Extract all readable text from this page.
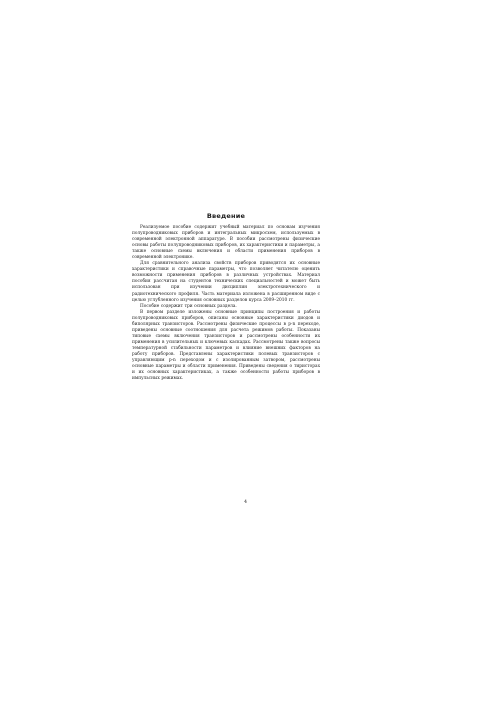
Введение

Реализуемое пособие содержит учебный материал по основам изучения полупроводниковых приборов и интегральных микросхем, используемых в современной электронной аппаратуре. В пособии рассмотрены физические основы работы полупроводниковых приборов, их характеристики и параметры, а также основные схемы включения и области применения приборов в современной электронике.

Для сравнительного анализа свойств приборов приводятся их основные характеристики и справочные параметры, что позволяет читателю оценить возможности применения приборов в различных устройствах. Материал пособия рассчитан на студентов технических специальностей и может быть использован при изучении дисциплин электротехнического и радиотехнического профиля. Часть материала изложена в расширенном виде с целью углубленного изучения основных разделов курса 2009–2010 гг.

Пособие содержит три основных раздела.

В первом разделе изложены основные принципы построения и работы полупроводниковых приборов, описаны основные характеристики диодов и биполярных транзисторов. Рассмотрены физические процессы в p-n переходе, приведены основные соотношения для расчета режимов работы. Показаны типовые схемы включения транзисторов и рассмотрены особенности их применения в усилительных и ключевых каскадах. Рассмотрены также вопросы температурной стабильности параметров и влияние внешних факторов на работу приборов. Представлены характеристики полевых транзисторов с управляющим p-n переходом и с изолированным затвором, рассмотрены основные параметры и области применения. Приведены сведения о тиристорах и их основных характеристиках, а также особенности работы приборов в импульсных режимах.

4
